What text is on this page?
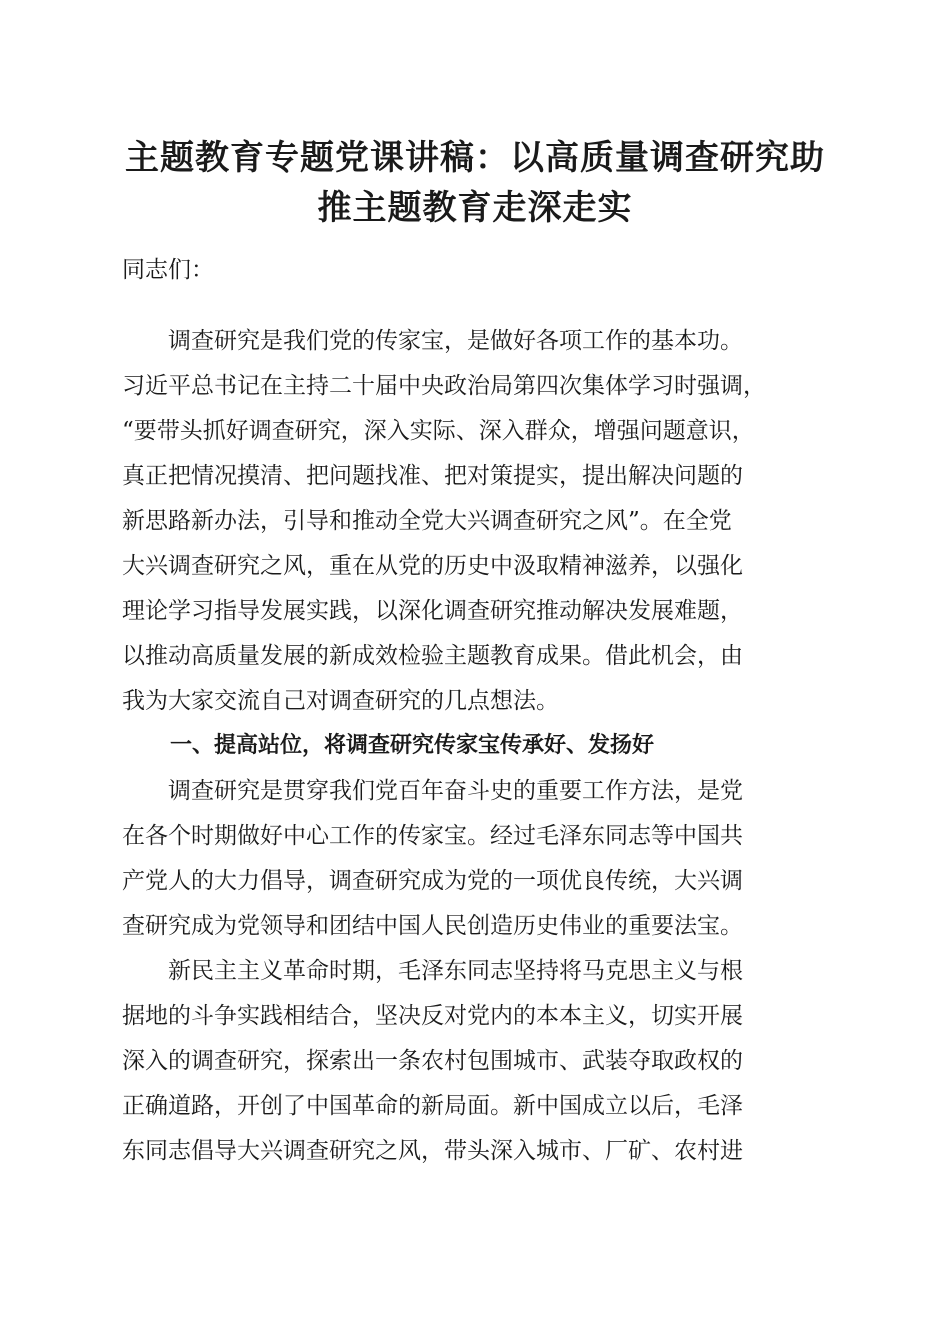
主题教育专题党课讲稿：以高质量调查研究助
推主题教育走深走实

同志们：

　　调查研究是我们党的传家宝，是做好各项工作的基本功。

习近平总书记在主持二十届中央政治局第四次集体学习时强调，

“要带头抓好调查研究，深入实际、深入群众，增强问题意识，

真正把情况摸清、把问题找准、把对策提实，提出解决问题的

新思路新办法，引导和推动全党大兴调查研究之风”。在全党

大兴调查研究之风，重在从党的历史中汲取精神滋养，以强化

理论学习指导发展实践，以深化调查研究推动解决发展难题，

以推动高质量发展的新成效检验主题教育成果。借此机会，由

我为大家交流自己对调查研究的几点想法。

一、提高站位，将调查研究传家宝传承好、发扬好

　　调查研究是贯穿我们党百年奋斗史的重要工作方法，是党

在各个时期做好中心工作的传家宝。经过毛泽东同志等中国共

产党人的大力倡导，调查研究成为党的一项优良传统，大兴调

查研究成为党领导和团结中国人民创造历史伟业的重要法宝。

　　新民主主义革命时期，毛泽东同志坚持将马克思主义与根

据地的斗争实践相结合，坚决反对党内的本本主义，切实开展

深入的调查研究，探索出一条农村包围城市、武装夺取政权的

正确道路，开创了中国革命的新局面。新中国成立以后，毛泽

东同志倡导大兴调查研究之风，带头深入城市、厂矿、农村进
